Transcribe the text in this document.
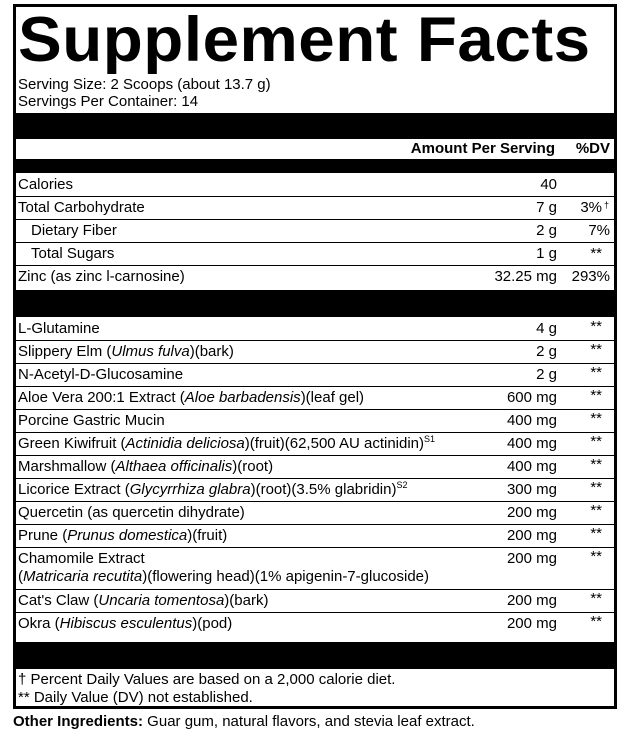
Supplement Facts
Serving Size: 2 Scoops (about 13.7 g)
Servings Per Container: 14
Amount Per Serving %DV
Calories	40
Total Carbohydrate	7 g 3% †
Dietary Fiber	2 g 7%
Total Sugars	1 g **
Zinc (as zinc l-carnosine)	32.25 mg 293%
L-Glutamine	4 g **
Slippery Elm (Ulmus fulva)(bark)	2 g **
N-Acetyl-D-Glucosamine	2 g **
Aloe Vera 200:1 Extract (Aloe barbadensis)(leaf gel)	600 mg **
Porcine Gastric Mucin	400 mg **
Green Kiwifruit (Actinidia deliciosa)(fruit)(62,500 AU actinidin)$^{S1}$	400 mg **
Marshmallow (Althaea officinalis)(root)	400 mg **
Licorice Extract (Glycyrrhiza glabra)(root)(3.5% glabridin)$^{S2}$	300 mg **
Quercetin (as quercetin dihydrate)	200 mg **
Prune (Prunus domestica)(fruit)	200 mg **
Chamomile Extract
(Matricaria recutita)(flowering head)(1% apigenin-7-glucoside)
200 mg **
Cat's Claw (Uncaria tomentosa)(bark)	200 mg **
Okra (Hibiscus esculentus)(pod)	200 mg **
† Percent Daily Values are based on a 2,000 calorie diet.
** Daily Value (DV) not established.
Other Ingredients: Guar gum, natural flavors, and stevia leaf extract.
